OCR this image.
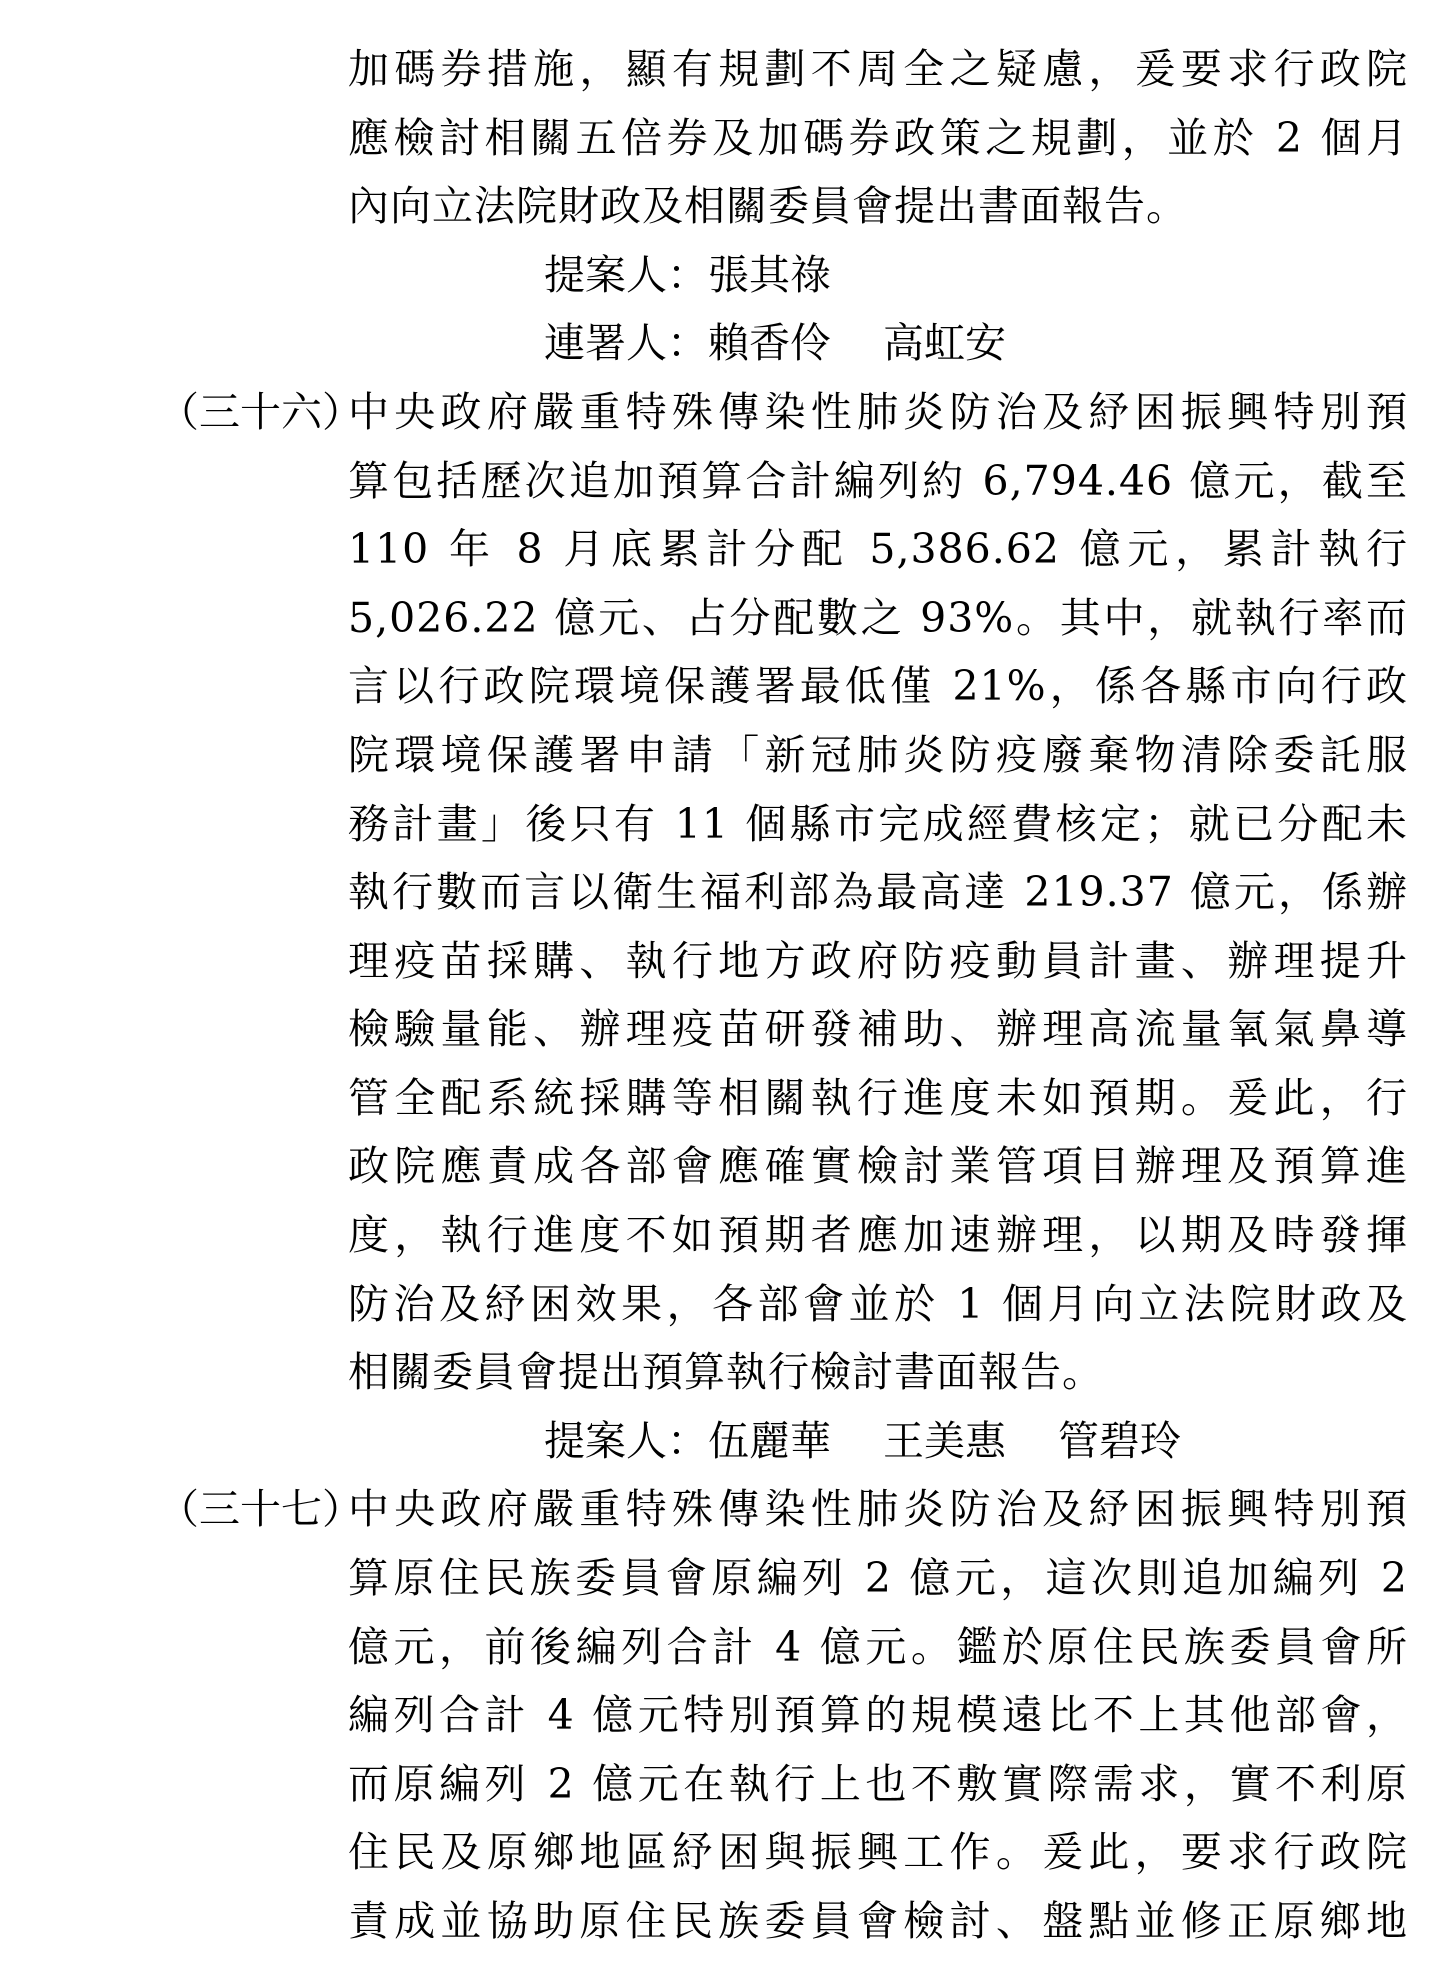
加碼券措施，顯有規劃不周全之疑慮，爰要求行政院
應檢討相關五倍券及加碼券政策之規劃，並於 2 個月
內向立法院財政及相關委員會提出書面報告。
提案人：張其祿
連署人：賴香伶 高虹安
（三十六）
中央政府嚴重特殊傳染性肺炎防治及紓困振興特別預
算包括歷次追加預算合計編列約 6,794.46 億元，截至
110 年 8 月底累計分配 5,386.62 億元，累計執行
5,026.22 億元、占分配數之 93%。其中，就執行率而
言以行政院環境保護署最低僅 21%，係各縣市向行政
院環境保護署申請「新冠肺炎防疫廢棄物清除委託服
務計畫」後只有 11 個縣市完成經費核定；就已分配未
執行數而言以衛生福利部為最高達 219.37 億元，係辦
理疫苗採購、執行地方政府防疫動員計畫、辦理提升
檢驗量能、辦理疫苗研發補助、辦理高流量氧氣鼻導
管全配系統採購等相關執行進度未如預期。爰此，行
政院應責成各部會應確實檢討業管項目辦理及預算進
度，執行進度不如預期者應加速辦理，以期及時發揮
防治及紓困效果，各部會並於 1 個月向立法院財政及
相關委員會提出預算執行檢討書面報告。
提案人：伍麗華 王美惠 管碧玲
（三十七）
中央政府嚴重特殊傳染性肺炎防治及紓困振興特別預
算原住民族委員會原編列 2 億元，這次則追加編列 2
億元，前後編列合計 4 億元。鑑於原住民族委員會所
編列合計 4 億元特別預算的規模遠比不上其他部會，
而原編列 2 億元在執行上也不敷實際需求，實不利原
住民及原鄉地區紓困與振興工作。爰此，要求行政院
責成並協助原住民族委員會檢討、盤點並修正原鄉地
